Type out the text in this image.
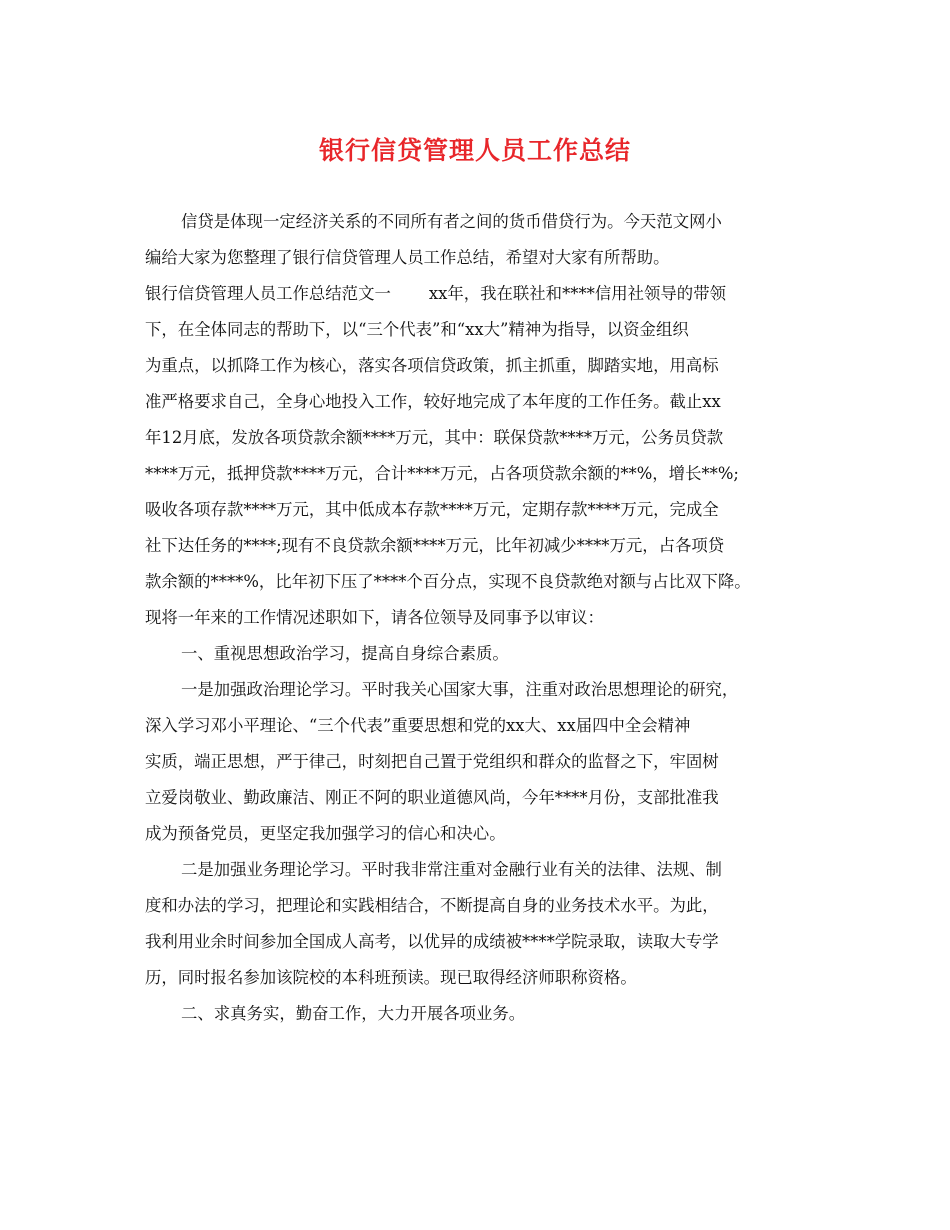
银行信贷管理人员工作总结
信贷是体现一定经济关系的不同所有者之间的货币借贷行为。今天范文网小
编给大家为您整理了银行信贷管理人员工作总结，希望对大家有所帮助。
银行信贷管理人员工作总结范文一 　　xx年，我在联社和****信用社领导的带领
下，在全体同志的帮助下，以“三个代表”和“xx大”精神为指导，以资金组织
为重点，以抓降工作为核心，落实各项信贷政策，抓主抓重，脚踏实地，用高标
准严格要求自己，全身心地投入工作，较好地完成了本年度的工作任务。截止xx
年12月底，发放各项贷款余额****万元，其中：联保贷款****万元，公务员贷款
****万元，抵押贷款****万元，合计****万元，占各项贷款余额的**%，增长**%;
吸收各项存款****万元，其中低成本存款****万元，定期存款****万元，完成全
社下达任务的****;现有不良贷款余额****万元，比年初减少****万元，占各项贷
款余额的****%，比年初下压了****个百分点，实现不良贷款绝对额与占比双下降。
现将一年来的工作情况述职如下，请各位领导及同事予以审议：
一、重视思想政治学习，提高自身综合素质。
一是加强政治理论学习。平时我关心国家大事，注重对政治思想理论的研究，
深入学习邓小平理论、“三个代表”重要思想和党的xx大、xx届四中全会精神
实质，端正思想，严于律己，时刻把自己置于党组织和群众的监督之下，牢固树
立爱岗敬业、勤政廉洁、刚正不阿的职业道德风尚，今年****月份，支部批准我
成为预备党员，更坚定我加强学习的信心和决心。
二是加强业务理论学习。平时我非常注重对金融行业有关的法律、法规、制
度和办法的学习，把理论和实践相结合，不断提高自身的业务技术水平。为此，
我利用业余时间参加全国成人高考，以优异的成绩被****学院录取，读取大专学
历，同时报名参加该院校的本科班预读。现已取得经济师职称资格。
二、求真务实，勤奋工作，大力开展各项业务。
